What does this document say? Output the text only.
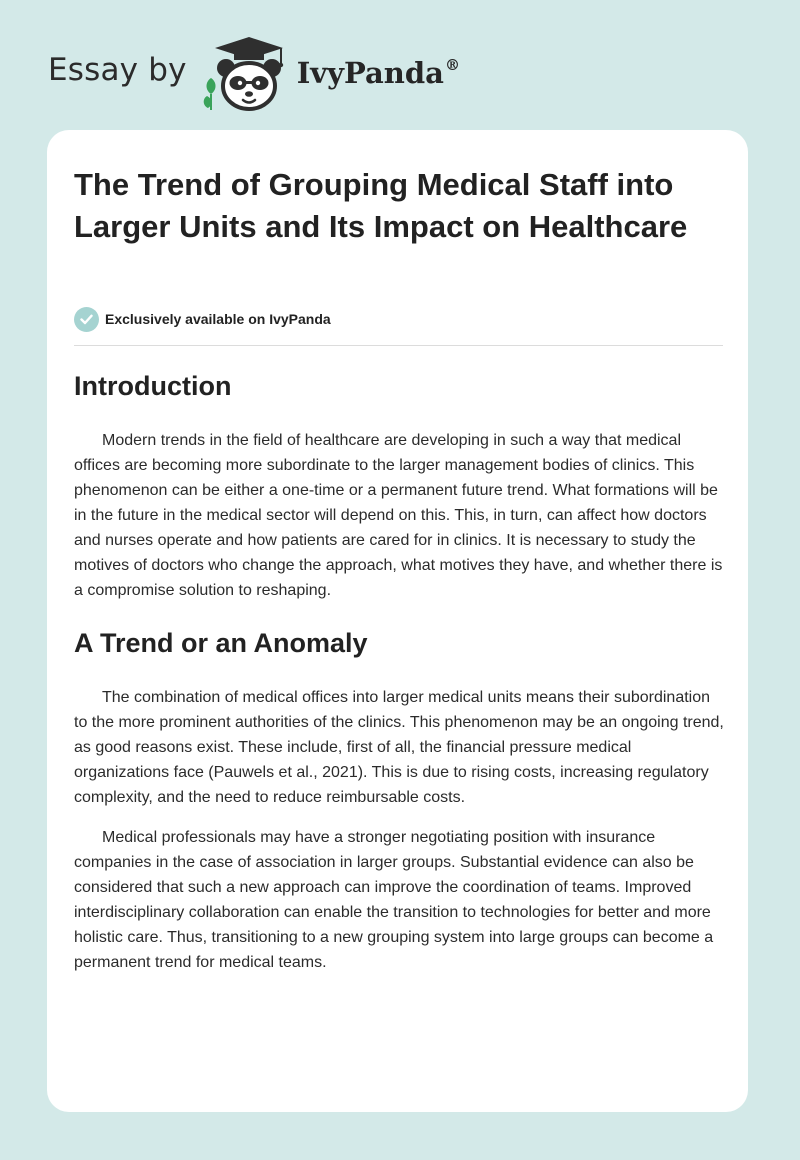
Essay by	IvyPanda®
The Trend of Grouping Medical Staff into Larger Units and Its Impact on Healthcare
Exclusively available on IvyPanda
Introduction

Modern trends in the field of healthcare are developing in such a way that medical offices are becoming more subordinate to the larger management bodies of clinics. This phenomenon can be either a one-time or a permanent future trend. What formations will be in the future in the medical sector will depend on this. This, in turn, can affect how doctors and nurses operate and how patients are cared for in clinics. It is necessary to study the motives of doctors who change the approach, what motives they have, and whether there is a compromise solution to reshaping.

A Trend or an Anomaly

The combination of medical offices into larger medical units means their subordination to the more prominent authorities of the clinics. This phenomenon may be an ongoing trend, as good reasons exist. These include, first of all, the financial pressure medical organizations face (Pauwels et al., 2021). This is due to rising costs, increasing regulatory complexity, and the need to reduce reimbursable costs.

Medical professionals may have a stronger negotiating position with insurance companies in the case of association in larger groups. Substantial evidence can also be considered that such a new approach can improve the coordination of teams. Improved interdisciplinary collaboration can enable the transition to technologies for better and more holistic care. Thus, transitioning to a new grouping system into large groups can become a permanent trend for medical teams.
